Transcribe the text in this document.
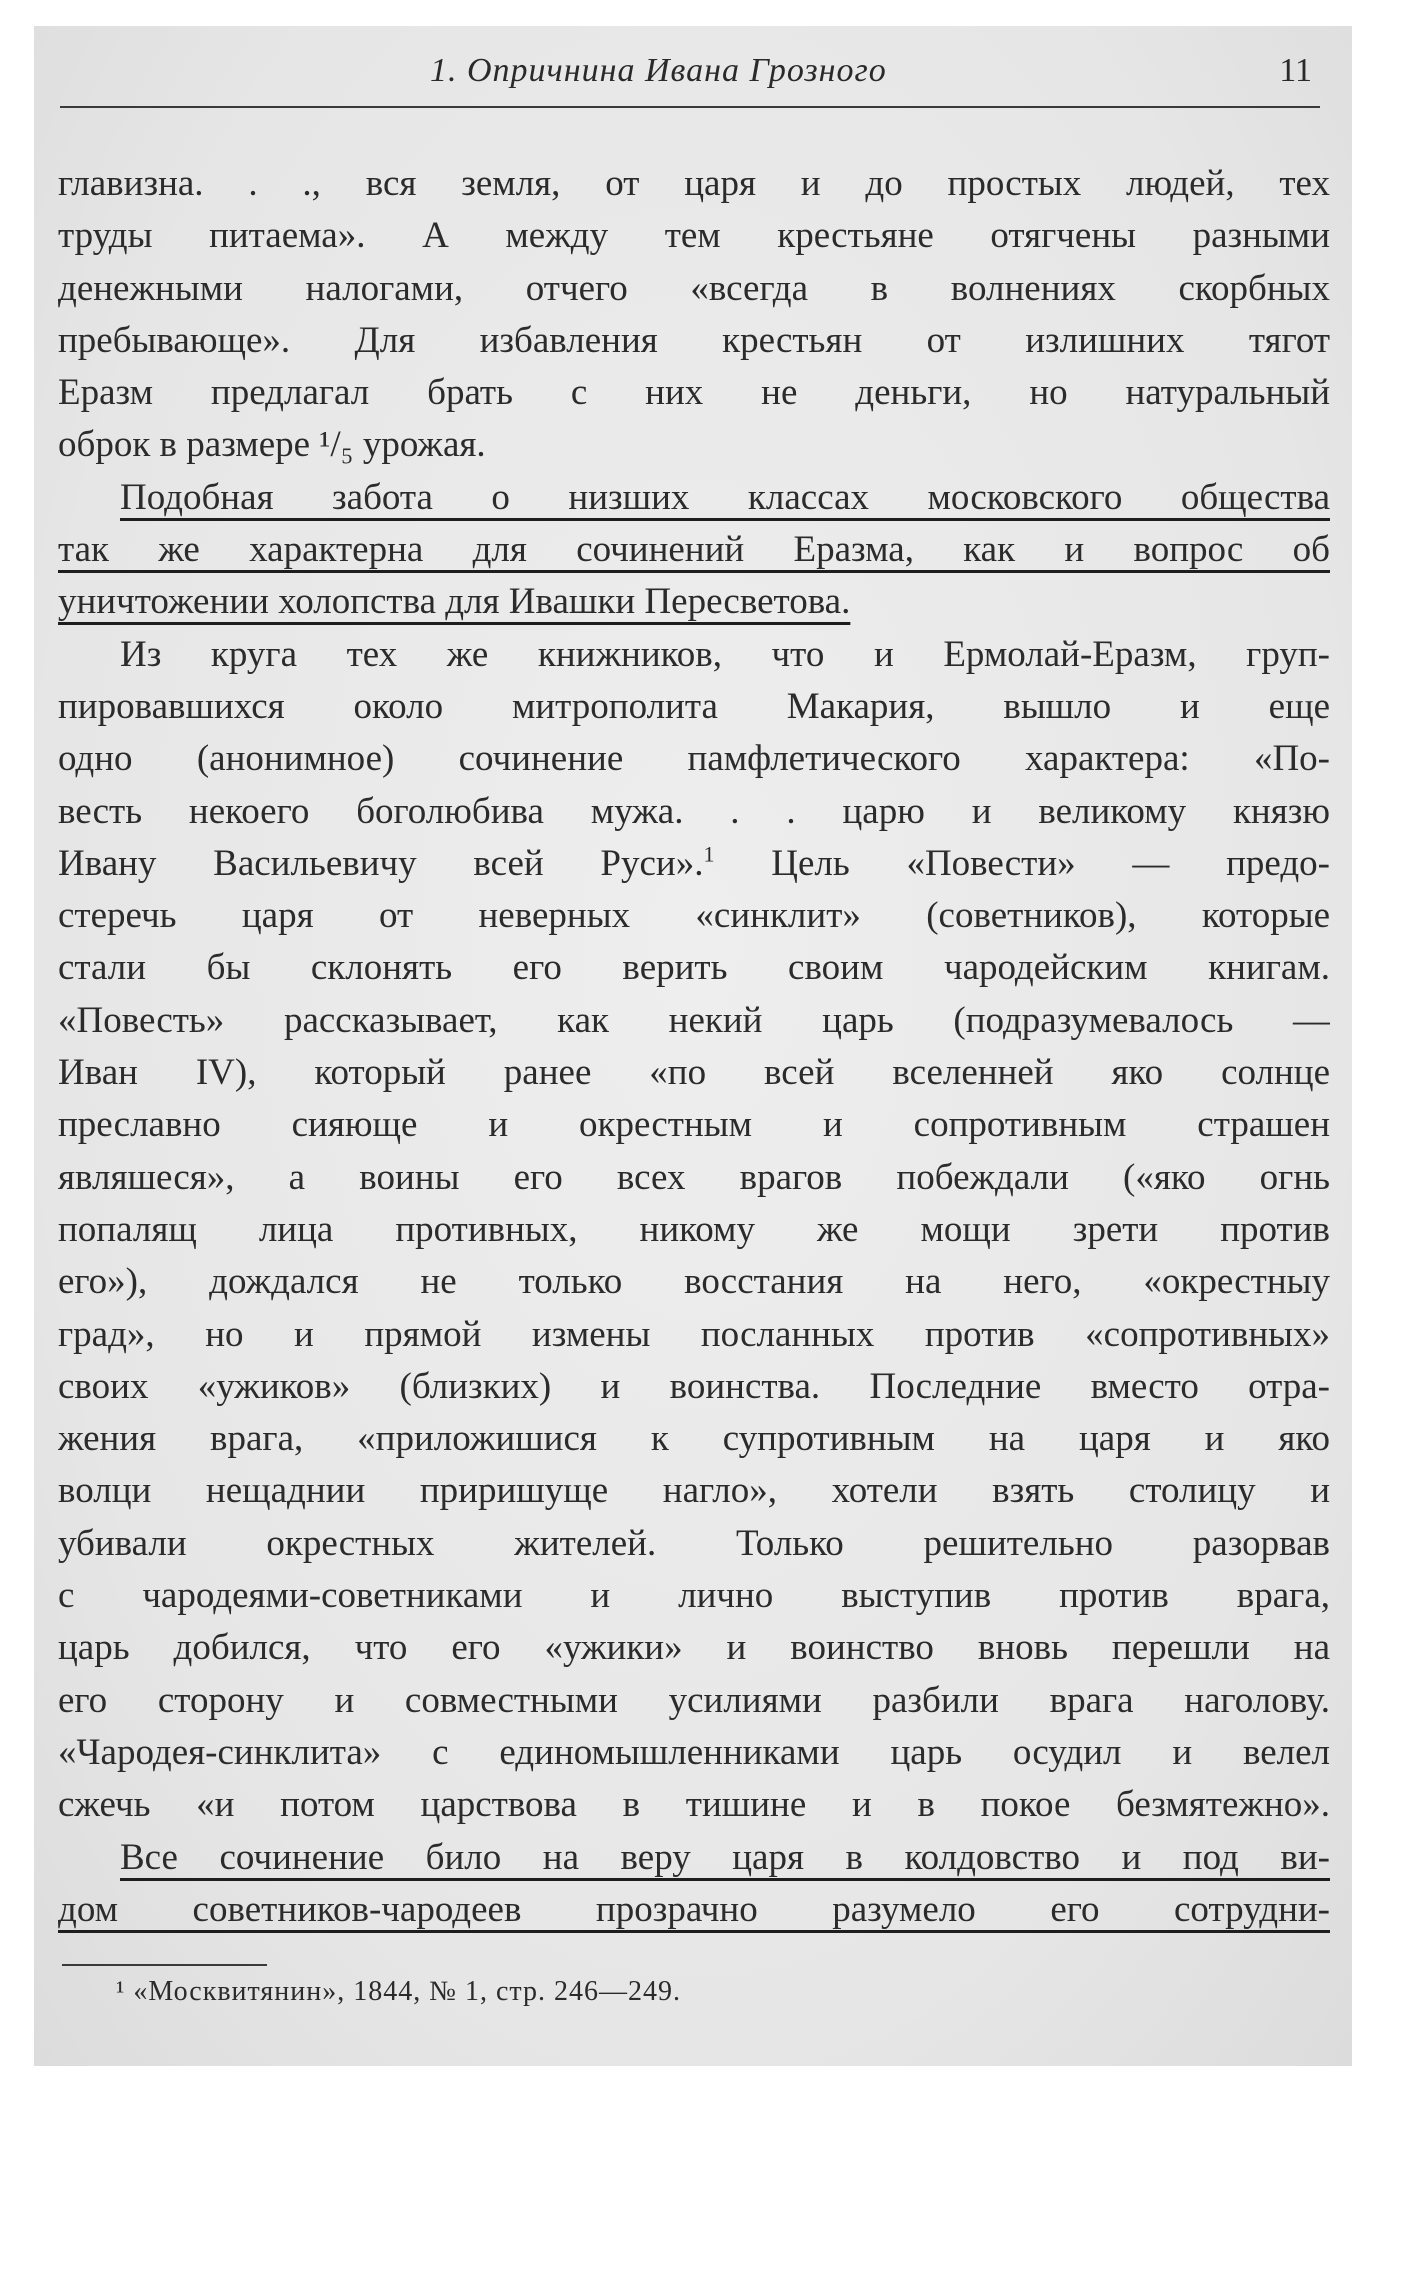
1. Опричнина Ивана Грозного	11
главизна. . ., вся земля, от царя и до простых людей, тех
труды питаема». А между тем крестьяне отягчены разными
денежными налогами, отчего «всегда в волнениях скорбных
пребывающе». Для избавления крестьян от излишних тягот
Еразм предлагал брать с них не деньги, но натуральный
оброк в размере ¹/₅ урожая.
Подобная забота о низших классах московского общества
так же характерна для сочинений Еразма, как и вопрос об
уничтожении холопства для Ивашки Пересветова.
Из круга тех же книжников, что и Ермолай-Еразм, груп-
пировавшихся около митрополита Макария, вышло и еще
одно (анонимное) сочинение памфлетического характера: «По-
весть некоего боголюбива мужа. . . царю и великому князю
Ивану Васильевичу всей Руси».$^1$ Цель «Повести» — предо-
стеречь царя от неверных «синклит» (советников), которые
стали бы склонять его верить своим чародейским книгам.
«Повесть» рассказывает, как некий царь (подразумевалось —
Иван IV), который ранее «по всей вселенней яко солнце
преславно сияюще и окрестным и сопротивным страшен
являшеся», а воины его всех врагов побеждали («яко огнь
попалящ лица противных, никому же мощи зрети против
его»), дождался не только восстания на него, «окрестныу
град», но и прямой измены посланных против «сопротивных»
своих «ужиков» (близких) и воинства. Последние вместо отра-
жения врага, «приложишися к супротивным на царя и яко
волци нещаднии приришуще нагло», хотели взять столицу и
убивали окрестных жителей. Только решительно разорвав
с чародеями-советниками и лично выступив против врага,
царь добился, что его «ужики» и воинство вновь перешли на
его сторону и совместными усилиями разбили врага наголову.
«Чародея-синклита» с единомышленниками царь осудил и велел
сжечь «и потом царствова в тишине и в покое безмятежно».
Все сочинение било на веру царя в колдовство и под ви-
дом советников-чародеев прозрачно разумело его сотрудни-
¹ «Москвитянин», 1844, № 1, стр. 246—249.
